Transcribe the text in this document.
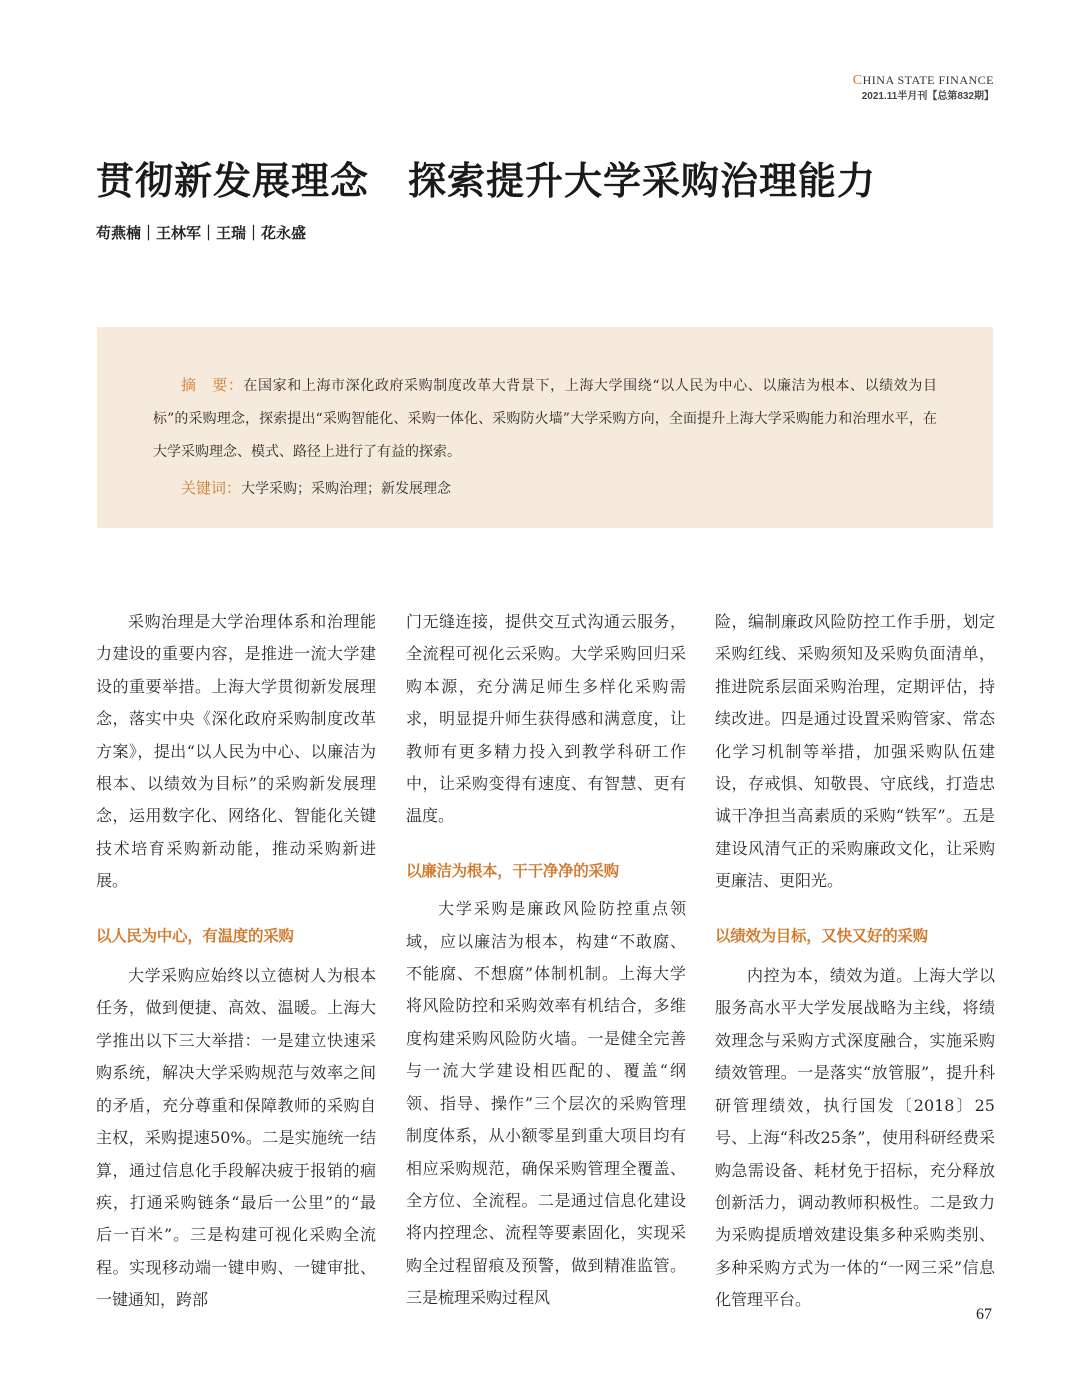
CHINA STATE FINANCE
2021.11半月刊【总第832期】
贯彻新发展理念　探索提升大学采购治理能力
苟燕楠｜王林军｜王瑞｜花永盛

摘　要：在国家和上海市深化政府采购制度改革大背景下，上海大学围绕“以人民为中心、以廉洁为根本、以绩效为目标”的采购理念，探索提出“采购智能化、采购一体化、采购防火墙”大学采购方向，全面提升上海大学采购能力和治理水平，在大学采购理念、模式、路径上进行了有益的探索。

关键词：大学采购；采购治理；新发展理念

采购治理是大学治理体系和治理能力建设的重要内容，是推进一流大学建设的重要举措。上海大学贯彻新发展理念，落实中央《深化政府采购制度改革方案》，提出“以人民为中心、以廉洁为根本、以绩效为目标”的采购新发展理念，运用数字化、网络化、智能化关键技术培育采购新动能，推动采购新进展。

以人民为中心，有温度的采购

大学采购应始终以立德树人为根本任务，做到便捷、高效、温暖。上海大学推出以下三大举措：一是建立快速采购系统，解决大学采购规范与效率之间的矛盾，充分尊重和保障教师的采购自主权，采购提速50%。二是实施统一结算，通过信息化手段解决疲于报销的痼疾，打通采购链条“最后一公里”的“最后一百米”。三是构建可视化采购全流程。实现移动端一键申购、一键审批、一键通知，跨部

门无缝连接，提供交互式沟通云服务，全流程可视化云采购。大学采购回归采购本源，充分满足师生多样化采购需求，明显提升师生获得感和满意度，让教师有更多精力投入到教学科研工作中，让采购变得有速度、有智慧、更有温度。

以廉洁为根本，干干净净的采购

大学采购是廉政风险防控重点领域，应以廉洁为根本，构建“不敢腐、不能腐、不想腐”体制机制。上海大学将风险防控和采购效率有机结合，多维度构建采购风险防火墙。一是健全完善与一流大学建设相匹配的、覆盖“纲领、指导、操作”三个层次的采购管理制度体系，从小额零星到重大项目均有相应采购规范，确保采购管理全覆盖、全方位、全流程。二是通过信息化建设将内控理念、流程等要素固化，实现采购全过程留痕及预警，做到精准监管。三是梳理采购过程风

险，编制廉政风险防控工作手册，划定采购红线、采购须知及采购负面清单，推进院系层面采购治理，定期评估，持续改进。四是通过设置采购管家、常态化学习机制等举措，加强采购队伍建设，存戒惧、知敬畏、守底线，打造忠诚干净担当高素质的采购“铁军”。五是建设风清气正的采购廉政文化，让采购更廉洁、更阳光。

以绩效为目标，又快又好的采购

内控为本，绩效为道。上海大学以服务高水平大学发展战略为主线，将绩效理念与采购方式深度融合，实施采购绩效管理。一是落实“放管服”，提升科研管理绩效，执行国发〔2018〕25号、上海“科改25条”，使用科研经费采购急需设备、耗材免于招标，充分释放创新活力，调动教师积极性。二是致力为采购提质增效建设集多种采购类别、多种采购方式为一体的“一网三采”信息化管理平台。

67
